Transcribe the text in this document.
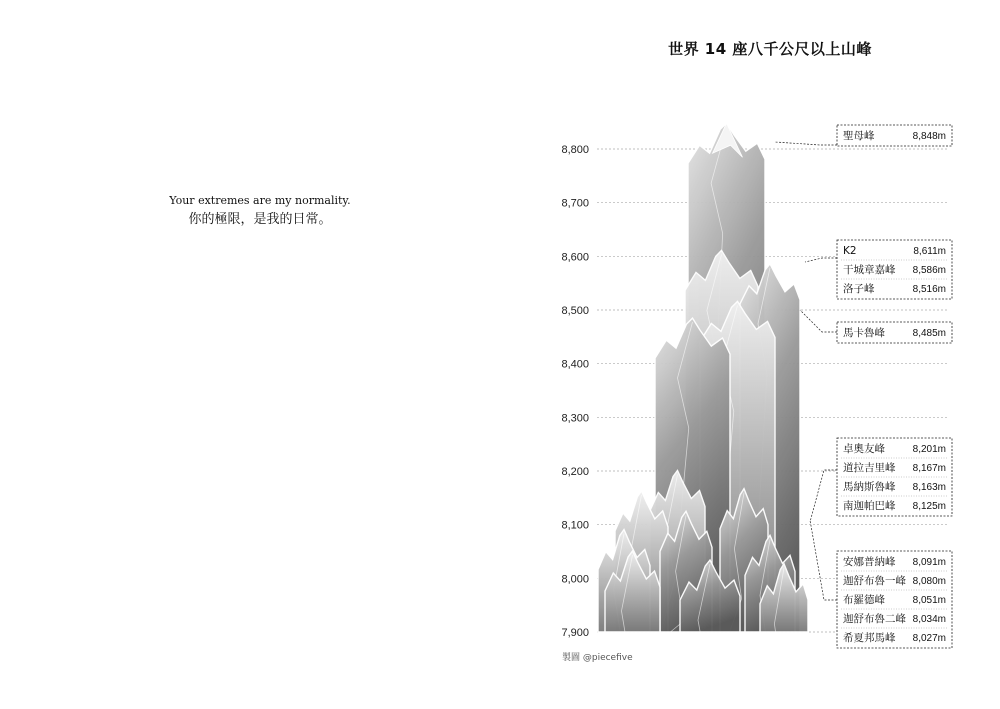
Your extremes are my normality.
你的極限，是我的日常。
世界 14 座八千公尺以上山峰
7,900
8,000
8,100
8,200
8,300
8,400
8,500
8,600
8,700
8,800
聖母峰	8,848m
K2	8,611m
干城章嘉峰 8,586m
洛子峰	8,516m
馬卡魯峰	8,485m
卓奧友峰	8,201m
道拉吉里峰 8,167m
馬納斯魯峰 8,163m
南迦帕巴峰 8,125m
安娜普納峰 8,091m
迦舒布魯一峰 8,080m
布羅德峰	8,051m
迦舒布魯二峰 8,034m
希夏邦馬峰 8,027m
製圖 @piecefive
